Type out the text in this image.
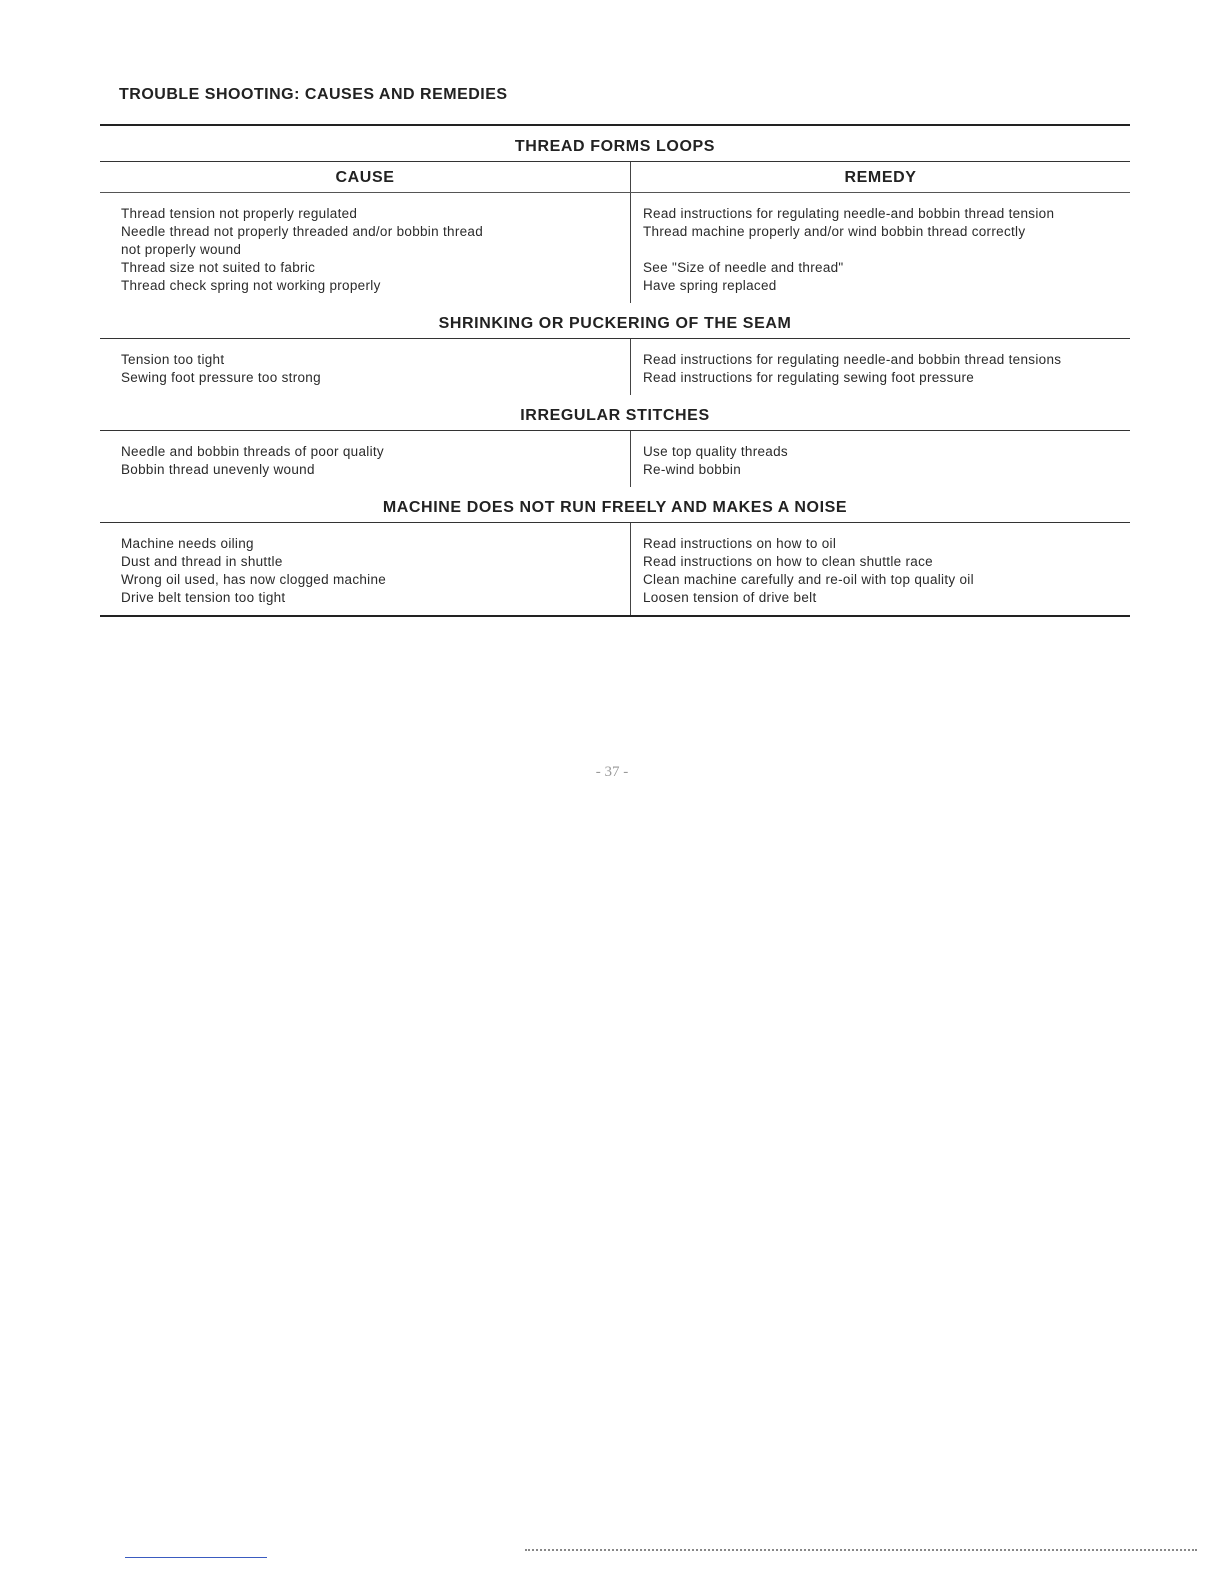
TROUBLE SHOOTING: CAUSES AND REMEDIES
THREAD FORMS LOOPS
CAUSE	REMEDY
Thread tension not properly regulated
Needle thread not properly threaded and/or bobbin thread
not properly wound
Thread size not suited to fabric
Thread check spring not working properly
Read instructions for regulating needle-and bobbin thread tension
Thread machine properly and/or wind bobbin thread correctly
See "Size of needle and thread"
Have spring replaced
SHRINKING OR PUCKERING OF THE SEAM
Tension too tight
Sewing foot pressure too strong
Read instructions for regulating needle-and bobbin thread tensions
Read instructions for regulating sewing foot pressure
IRREGULAR STITCHES
Needle and bobbin threads of poor quality
Bobbin thread unevenly wound
Use top quality threads
Re-wind bobbin
MACHINE DOES NOT RUN FREELY AND MAKES A NOISE
Machine needs oiling
Dust and thread in shuttle
Wrong oil used, has now clogged machine
Drive belt tension too tight
Read instructions on how to oil
Read instructions on how to clean shuttle race
Clean machine carefully and re-oil with top quality oil
Loosen tension of drive belt
- 37 -
